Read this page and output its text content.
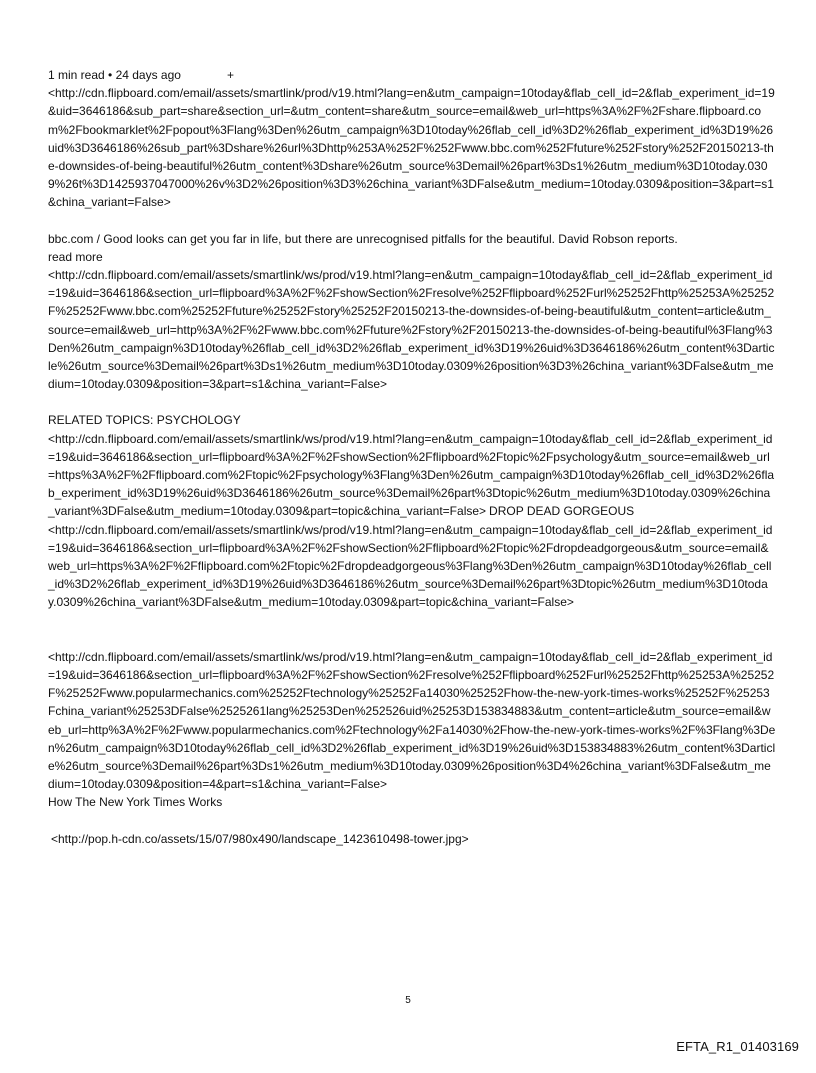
1 min read • 24 days ago	+
<http://cdn.flipboard.com/email/assets/smartlink/prod/v19.html?lang=en&utm_campaign=10today&flab_cell_id=2&flab_experiment_id=19&uid=3646186&sub_part=share&section_url=&utm_content=share&utm_source=email&web_url=https%3A%2F%2Fshare.flipboard.com%2Fbookmarklet%2Fpopout%3Flang%3Den%26utm_campaign%3D10today%26flab_cell_id%3D2%26flab_experiment_id%3D19%26uid%3D3646186%26sub_part%3Dshare%26url%3Dhttp%253A%252F%252Fwww.bbc.com%252Ffuture%252Fstory%252F20150213-the-downsides-of-being-beautiful%26utm_content%3Dshare%26utm_source%3Demail%26part%3Ds1%26utm_medium%3D10today.0309%26t%3D1425937047000%26v%3D2%26position%3D3%26china_variant%3DFalse&utm_medium=10today.0309&position=3&part=s1&china_variant=False>
bbc.com / Good looks can get you far in life, but there are unrecognised pitfalls for the beautiful. David Robson reports.
read more
<http://cdn.flipboard.com/email/assets/smartlink/ws/prod/v19.html?lang=en&utm_campaign=10today&flab_cell_id=2&flab_experiment_id=19&uid=3646186&section_url=flipboard%3A%2F%2FshowSection%2Fresolve%252Fflipboard%252Furl%25252Fhttp%25253A%25252F%25252Fwww.bbc.com%25252Ffuture%25252Fstory%25252F20150213-the-downsides-of-being-beautiful&utm_content=article&utm_source=email&web_url=http%3A%2F%2Fwww.bbc.com%2Ffuture%2Fstory%2F20150213-the-downsides-of-being-beautiful%3Flang%3Den%26utm_campaign%3D10today%26flab_cell_id%3D2%26flab_experiment_id%3D19%26uid%3D3646186%26utm_content%3Darticle%26utm_source%3Demail%26part%3Ds1%26utm_medium%3D10today.0309%26position%3D3%26china_variant%3DFalse&utm_medium=10today.0309&position=3&part=s1&china_variant=False>
RELATED TOPICS: PSYCHOLOGY
<http://cdn.flipboard.com/email/assets/smartlink/ws/prod/v19.html?lang=en&utm_campaign=10today&flab_cell_id=2&flab_experiment_id=19&uid=3646186&section_url=flipboard%3A%2F%2FshowSection%2Fflipboard%2Ftopic%2Fpsychology&utm_source=email&web_url=https%3A%2F%2Fflipboard.com%2Ftopic%2Fpsychology%3Flang%3Den%26utm_campaign%3D10today%26flab_cell_id%3D2%26flab_experiment_id%3D19%26uid%3D3646186%26utm_source%3Demail%26part%3Dtopic%26utm_medium%3D10today.0309%26china_variant%3DFalse&utm_medium=10today.0309&part=topic&china_variant=False> DROP DEAD GORGEOUS
<http://cdn.flipboard.com/email/assets/smartlink/ws/prod/v19.html?lang=en&utm_campaign=10today&flab_cell_id=2&flab_experiment_id=19&uid=3646186&section_url=flipboard%3A%2F%2FshowSection%2Fflipboard%2Ftopic%2Fdropdeadgorgeous&utm_source=email&web_url=https%3A%2F%2Fflipboard.com%2Ftopic%2Fdropdeadgorgeous%3Flang%3Den%26utm_campaign%3D10today%26flab_cell_id%3D2%26flab_experiment_id%3D19%26uid%3D3646186%26utm_source%3Demail%26part%3Dtopic%26utm_medium%3D10today.0309%26china_variant%3DFalse&utm_medium=10today.0309&part=topic&china_variant=False>
<http://cdn.flipboard.com/email/assets/smartlink/ws/prod/v19.html?lang=en&utm_campaign=10today&flab_cell_id=2&flab_experiment_id=19&uid=3646186&section_url=flipboard%3A%2F%2FshowSection%2Fresolve%252Fflipboard%252Furl%25252Fhttp%25253A%25252F%25252Fwww.popularmechanics.com%25252Ftechnology%25252Fa14030%25252Fhow-the-new-york-times-works%25252F%25253Fchina_variant%25253DFalse%2525261lang%25253Den%252526uid%25253D153834883&utm_content=article&utm_source=email&web_url=http%3A%2F%2Fwww.popularmechanics.com%2Ftechnology%2Fa14030%2Fhow-the-new-york-times-works%2F%3Flang%3Den%26utm_campaign%3D10today%26flab_cell_id%3D2%26flab_experiment_id%3D19%26uid%3D153834883%26utm_content%3Darticle%26utm_source%3Demail%26part%3Ds1%26utm_medium%3D10today.0309%26position%3D4%26china_variant%3DFalse&utm_medium=10today.0309&position=4&part=s1&china_variant=False>
How The New York Times Works
<http://pop.h-cdn.co/assets/15/07/980x490/landscape_1423610498-tower.jpg>
5
EFTA_R1_01403169
